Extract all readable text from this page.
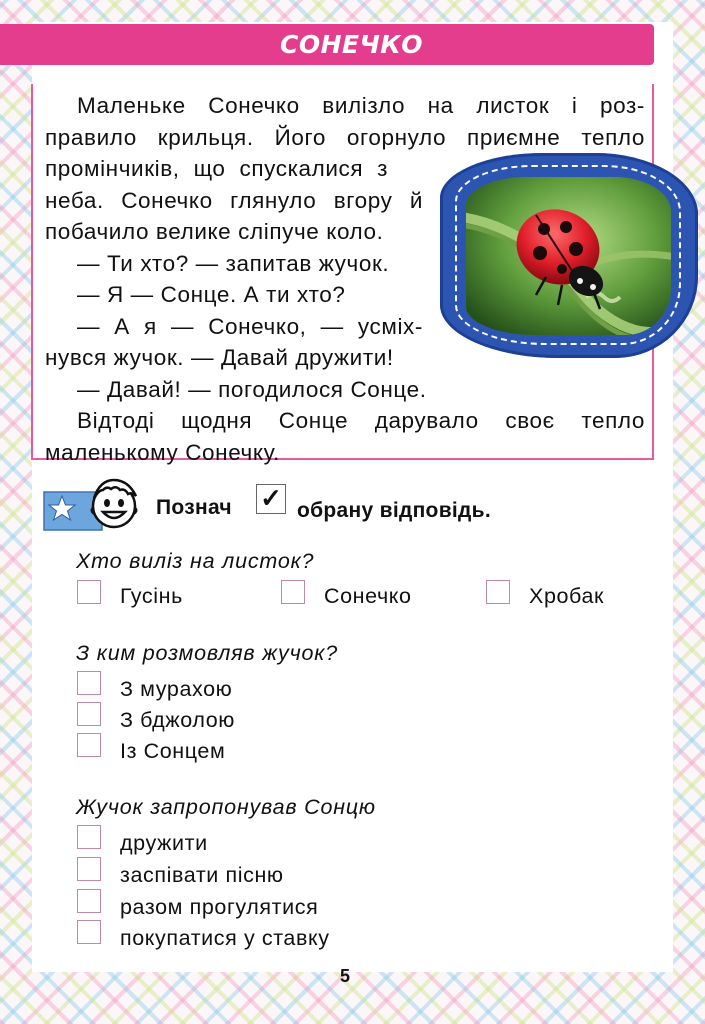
СОНЕЧКО
Маленьке Сонечко вилізло на листок і роз-
правило крильця. Його огорнуло приємне тепло
промінчиків, що спускалися з
неба. Сонечко глянуло вгору й
побачило велике сліпуче коло.
— Ти хто? — запитав жучок.
— Я — Сонце. А ти хто?
— А я — Сонечко, — усміх-
нувся жучок. — Давай дружити!
— Давай! — погодилося Сонце.
Відтоді щодня Сонце дарувало своє тепло
маленькому Сонечку.
Познач ✓ обрану відповідь.
Хто виліз на листок?
Гусінь	Сонечко	Хробак
З ким розмовляв жучок?
З мурахою
З бджолою
Із Сонцем
Жучок запропонував Сонцю
дружити
заспівати пісню
разом прогулятися
покупатися у ставку
5
